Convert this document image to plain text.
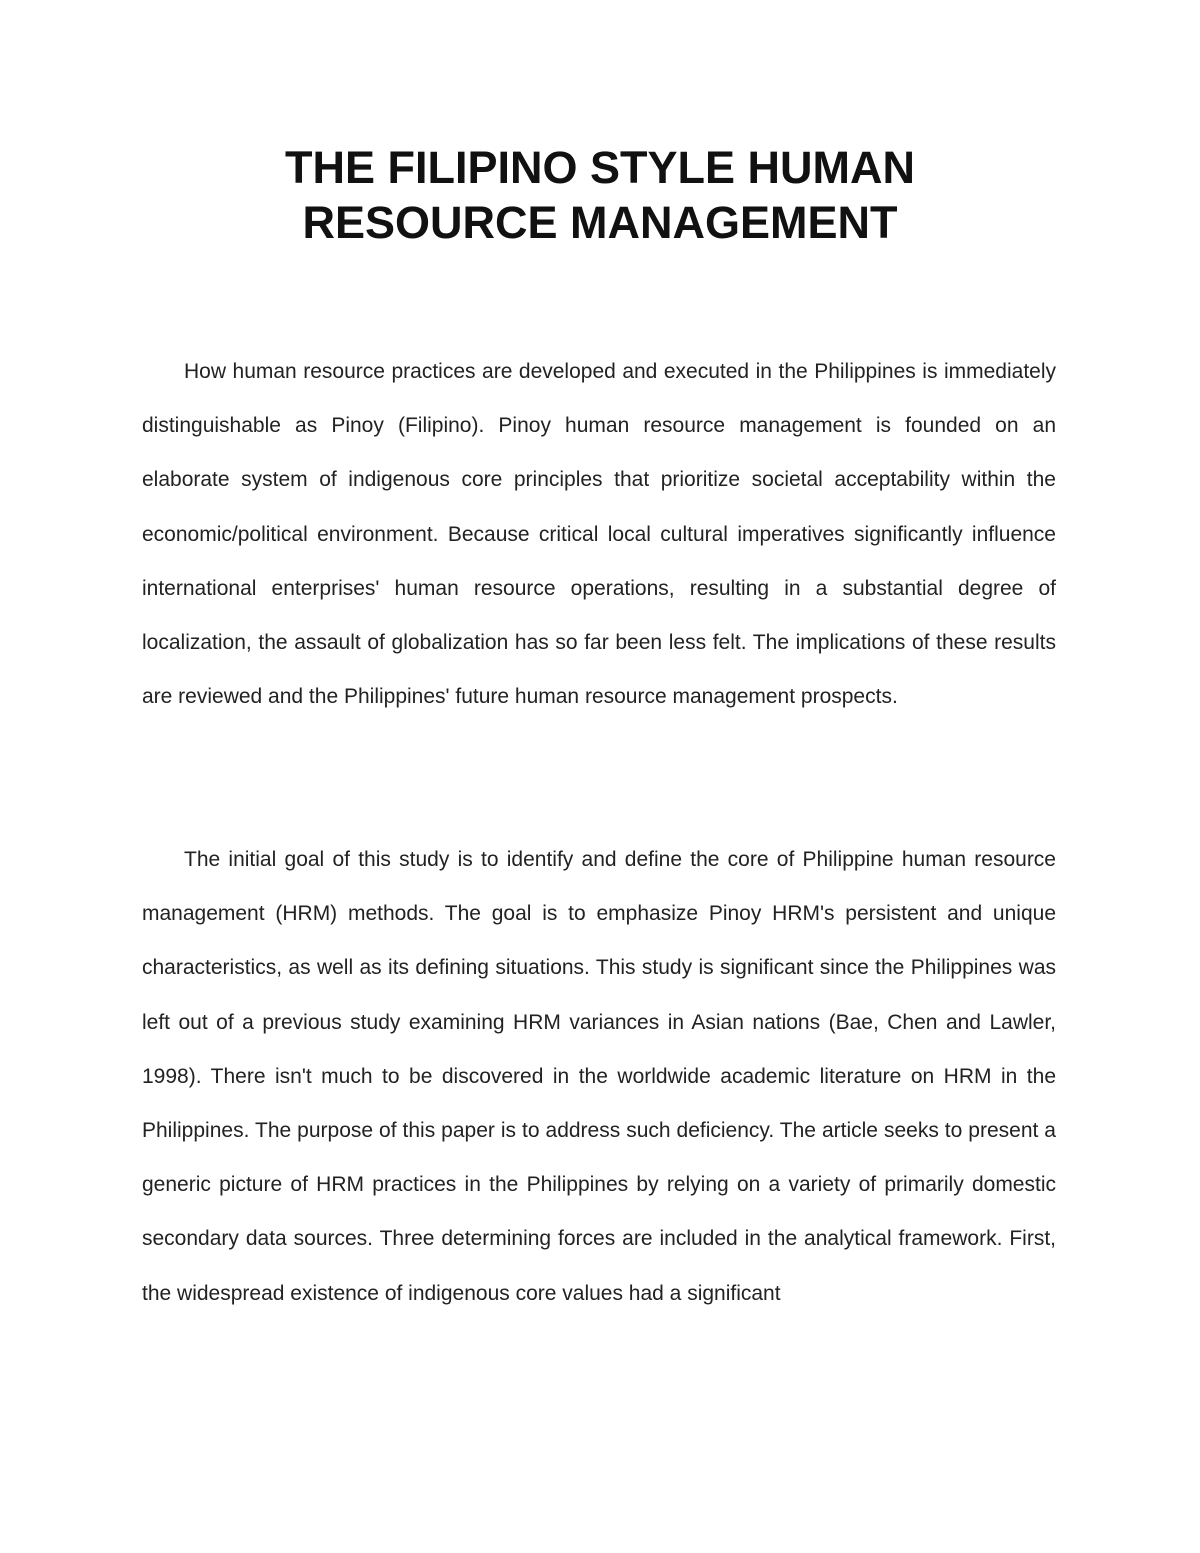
THE FILIPINO STYLE HUMAN
RESOURCE MANAGEMENT

How human resource practices are developed and executed in the Philippines is immediately distinguishable as Pinoy (Filipino). Pinoy human resource management is founded on an elaborate system of indigenous core principles that prioritize societal acceptability within the economic/political environment. Because critical local cultural imperatives significantly influence international enterprises' human resource operations, resulting in a substantial degree of localization, the assault of globalization has so far been less felt. The implications of these results are reviewed and the Philippines' future human resource management prospects.

The initial goal of this study is to identify and define the core of Philippine human resource management (HRM) methods. The goal is to emphasize Pinoy HRM's persistent and unique characteristics, as well as its defining situations. This study is significant since the Philippines was left out of a previous study examining HRM variances in Asian nations (Bae, Chen and Lawler, 1998). There isn't much to be discovered in the worldwide academic literature on HRM in the Philippines. The purpose of this paper is to address such deficiency. The article seeks to present a generic picture of HRM practices in the Philippines by relying on a variety of primarily domestic secondary data sources. Three determining forces are included in the analytical framework. First, the widespread existence of indigenous core values had a significant
